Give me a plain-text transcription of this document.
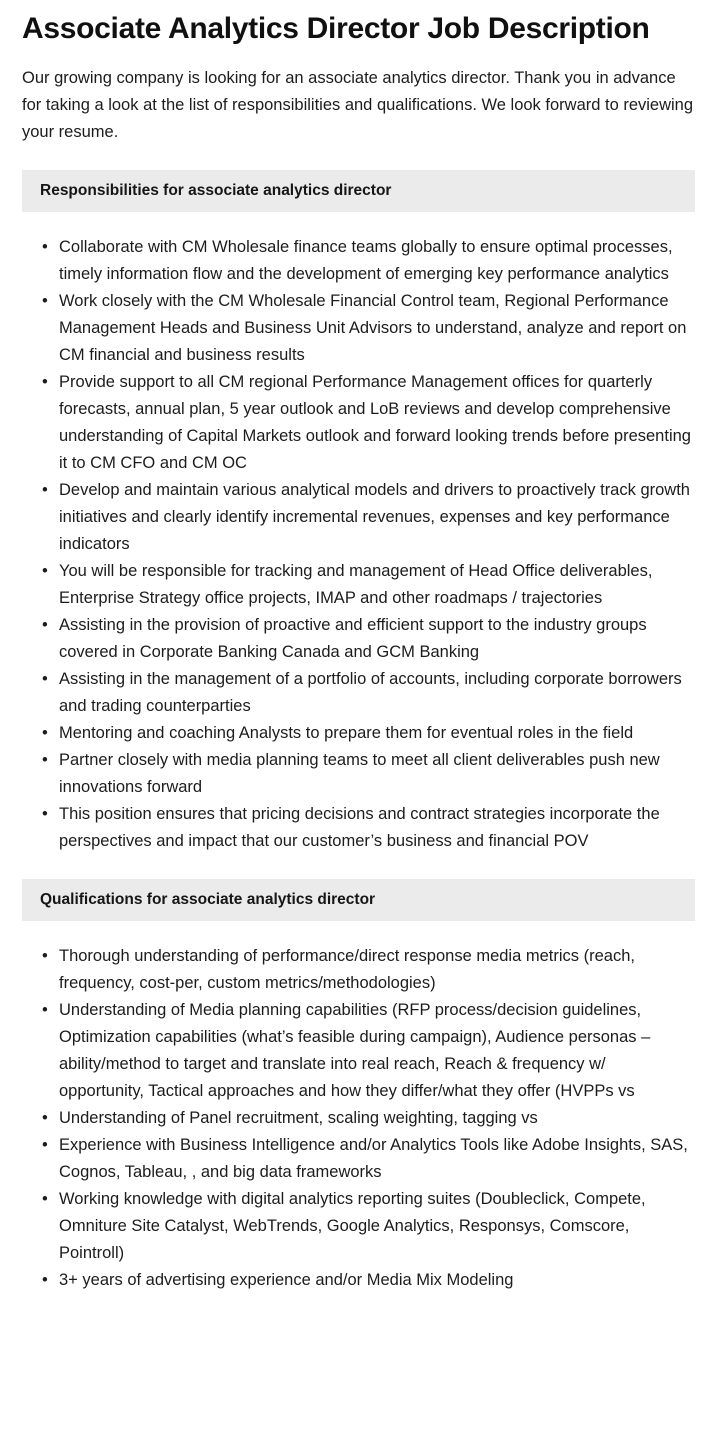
Associate Analytics Director Job Description

Our growing company is looking for an associate analytics director. Thank you in advance for taking a look at the list of responsibilities and qualifications. We look forward to reviewing your resume.

Responsibilities for associate analytics director
• Collaborate with CM Wholesale finance teams globally to ensure optimal processes, timely information flow and the development of emerging key performance analytics
• Work closely with the CM Wholesale Financial Control team, Regional Performance Management Heads and Business Unit Advisors to understand, analyze and report on CM financial and business results
• Provide support to all CM regional Performance Management offices for quarterly forecasts, annual plan, 5 year outlook and LoB reviews and develop comprehensive understanding of Capital Markets outlook and forward looking trends before presenting it to CM CFO and CM OC
• Develop and maintain various analytical models and drivers to proactively track growth initiatives and clearly identify incremental revenues, expenses and key performance indicators
• You will be responsible for tracking and management of Head Office deliverables, Enterprise Strategy office projects, IMAP and other roadmaps / trajectories
• Assisting in the provision of proactive and efficient support to the industry groups covered in Corporate Banking Canada and GCM Banking
• Assisting in the management of a portfolio of accounts, including corporate borrowers and trading counterparties
• Mentoring and coaching Analysts to prepare them for eventual roles in the field
• Partner closely with media planning teams to meet all client deliverables push new innovations forward
• This position ensures that pricing decisions and contract strategies incorporate the perspectives and impact that our customer’s business and financial POV
Qualifications for associate analytics director
• Thorough understanding of performance/direct response media metrics (reach, frequency, cost-per, custom metrics/methodologies)
• Understanding of Media planning capabilities (RFP process/decision guidelines, Optimization capabilities (what’s feasible during campaign), Audience personas – ability/method to target and translate into real reach, Reach & frequency w/ opportunity, Tactical approaches and how they differ/what they offer (HVPPs vs
• Understanding of Panel recruitment, scaling weighting, tagging vs
• Experience with Business Intelligence and/or Analytics Tools like Adobe Insights, SAS, Cognos, Tableau, , and big data frameworks
• Working knowledge with digital analytics reporting suites (Doubleclick, Compete, Omniture Site Catalyst, WebTrends, Google Analytics, Responsys, Comscore, Pointroll)
• 3+ years of advertising experience and/or Media Mix Modeling
